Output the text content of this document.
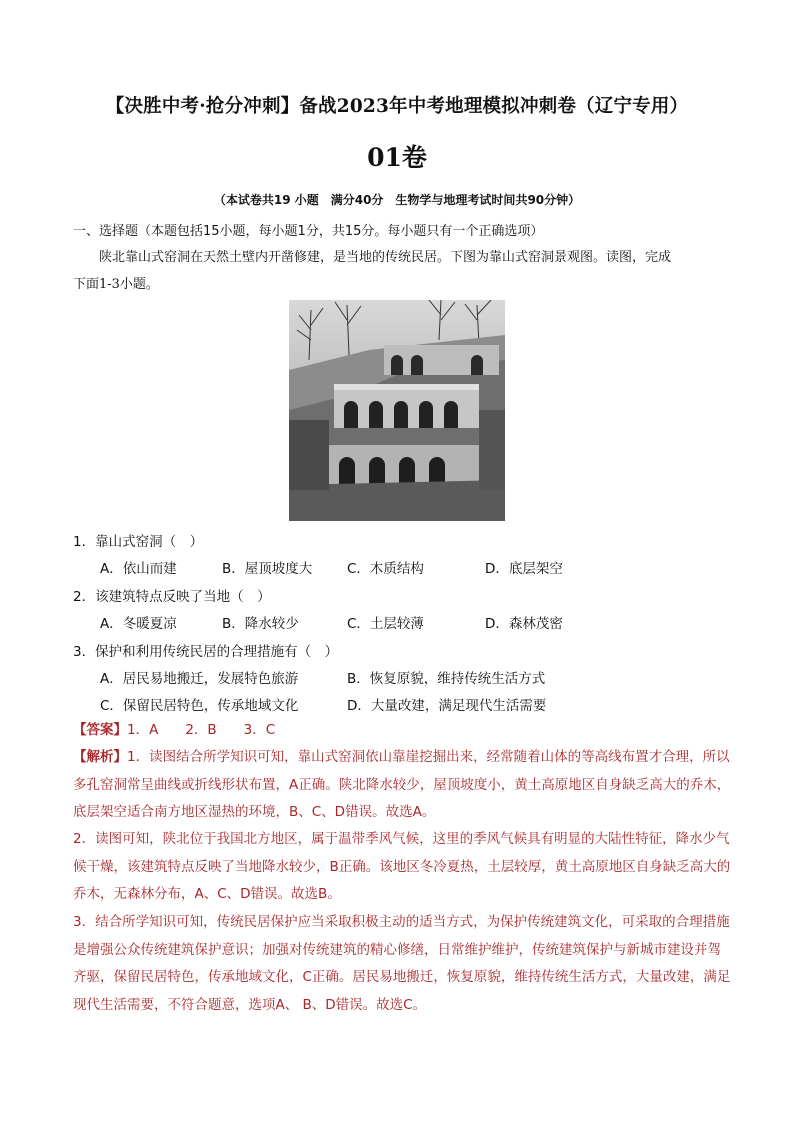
【决胜中考·抢分冲刺】备战2023年中考地理模拟冲刺卷（辽宁专用）
01卷
（本试卷共19 小题　满分40分　生物学与地理考试时间共90分钟）
一、选择题（本题包括15小题，每小题1分，共15分。每小题只有一个正确选项）
陕北靠山式窑洞在天然土壁内开凿修建，是当地的传统民居。下图为靠山式窑洞景观图。读图，完成
下面1-3小题。
1．靠山式窑洞（　）
A．依山而建	B．屋顶坡度大	C．木质结构	D．底层架空
2．该建筑特点反映了当地（　）
A．冬暖夏凉	B．降水较少	C．土层较薄	D．森林茂密
3．保护和利用传统民居的合理措施有（　）
A．居民易地搬迁，发展特色旅游	B．恢复原貌，维持传统生活方式
C．保留民居特色，传承地域文化	D．大量改建，满足现代生活需要
【答案】1．A　　2．B　　3．C
【解析】1．读图结合所学知识可知，靠山式窑洞依山靠崖挖掘出来，经常随着山体的等高线布置才合理，所以多孔窑洞常呈曲线或折线形状布置，A正确。陕北降水较少，屋顶坡度小，黄土高原地区自身缺乏高大的乔木，底层架空适合南方地区湿热的环境，B、C、D错误。故选A。
2．读图可知，陕北位于我国北方地区，属于温带季风气候，这里的季风气候具有明显的大陆性特征，降水少气候干燥，该建筑特点反映了当地降水较少，B正确。该地区冬冷夏热，土层较厚，黄土高原地区自身缺乏高大的乔木，无森林分布，A、C、D错误。故选B。
3．结合所学知识可知，传统民居保护应当采取积极主动的适当方式，为保护传统建筑文化，可采取的合理措施是增强公众传统建筑保护意识；加强对传统建筑的精心修缮，日常维护维护，传统建筑保护与新城市建设并驾齐驱，保留民居特色，传承地域文化，C正确。居民易地搬迁，恢复原貌，维持传统生活方式，大量改建，满足现代生活需要，不符合题意，选项A、 B、D错误。故选C。
